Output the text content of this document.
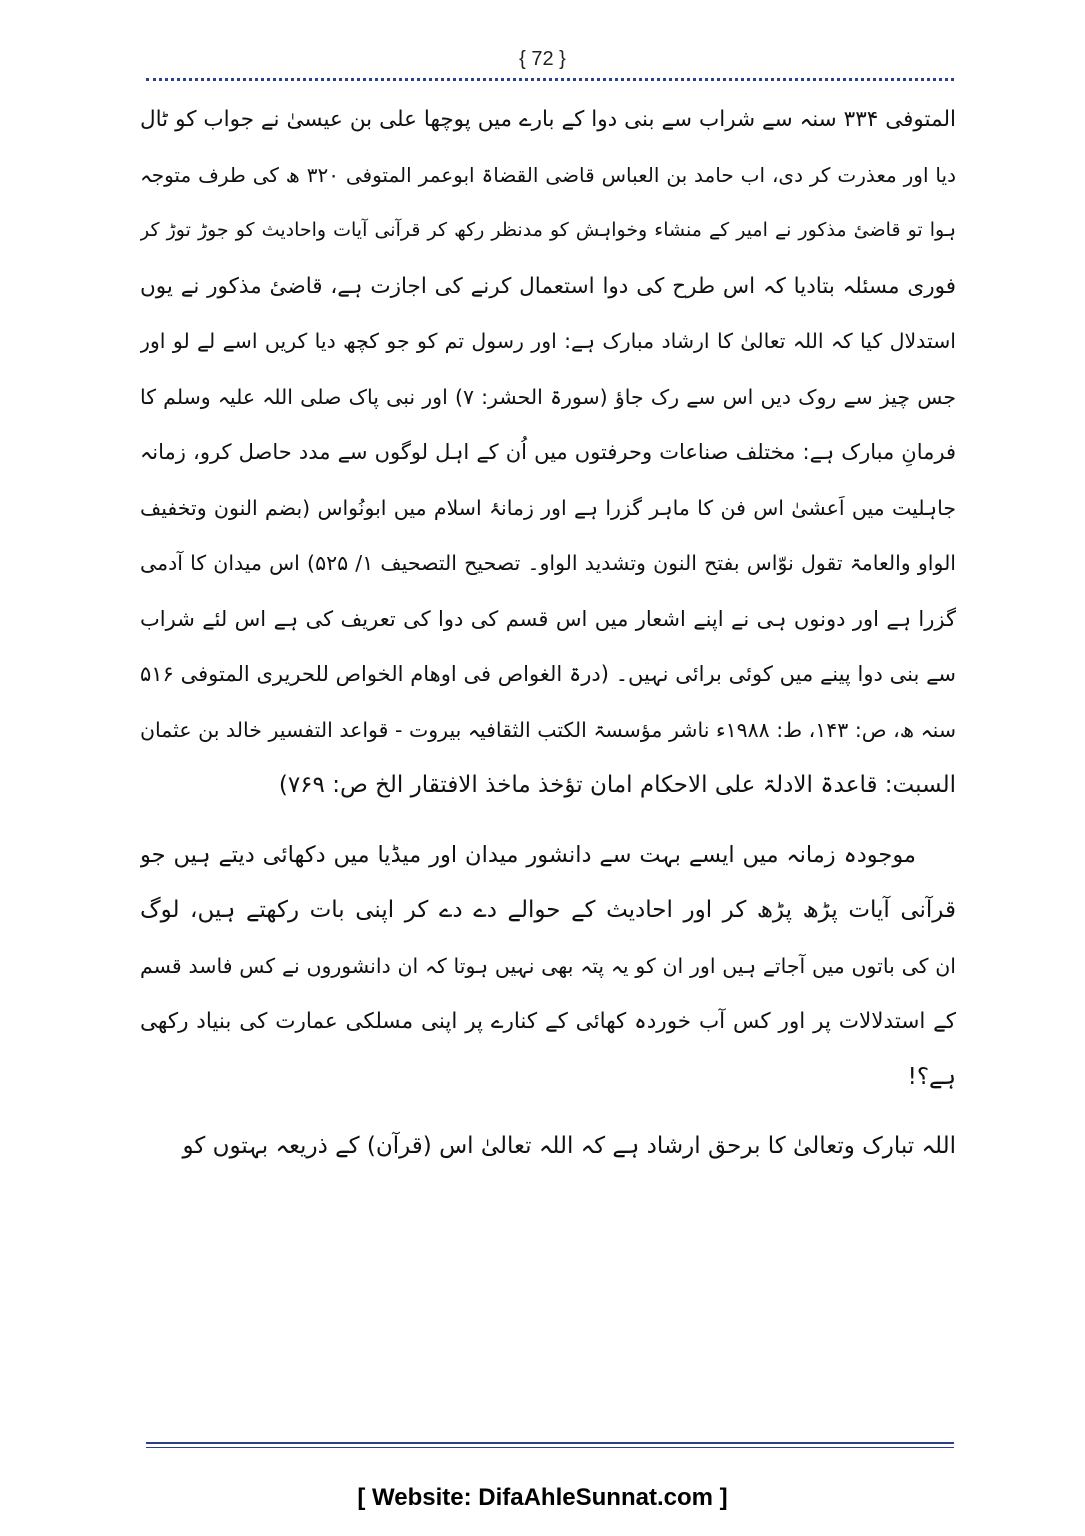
{ 72 }
المتوفی ۳۳۴ سنہ سے شراب سے بنی دوا کے بارے میں پوچھا علی بن عیسیٰ نے جواب کو ٹال
دیا اور معذرت کر دی، اب حامد بن العباس قاضی القضاۃ ابوعمر المتوفی ۳۲۰ ھ کی طرف متوجہ
ہوا تو قاضیٔ مذکور نے امیر کے منشاء وخواہش کو مدنظر رکھ کر قرآنی آیات واحادیث کو جوڑ توڑ کر
فوری مسئلہ بتادیا کہ اس طرح کی دوا استعمال کرنے کی اجازت ہے، قاضیٔ مذکور نے یوں
استدلال کیا کہ اللہ تعالیٰ کا ارشاد مبارک ہے: اور رسول تم کو جو کچھ دیا کریں اسے لے لو اور
جس چیز سے روک دیں اس سے رک جاؤ (سورۃ الحشر: ۷) اور نبی پاک صلی اللہ علیہ وسلم کا
فرمانِ مبارک ہے: مختلف صناعات وحرفتوں میں اُن کے اہل لوگوں سے مدد حاصل کرو، زمانہ
جاہلیت میں اَعشیٰ اس فن کا ماہر گزرا ہے اور زمانۂ اسلام میں ابونُواس (بضم النون وتخفیف
الواو والعامۃ تقول نوّاس بفتح النون وتشدید الواو۔ تصحیح التصحیف ۱/ ۵۲۵) اس میدان کا آدمی
گزرا ہے اور دونوں ہی نے اپنے اشعار میں اس قسم کی دوا کی تعریف کی ہے اس لئے شراب
سے بنی دوا پینے میں کوئی برائی نہیں۔ (درۃ الغواص فی اوھام الخواص للحریری المتوفی ۵۱۶
سنہ ھ، ص: ۱۴۳، ط: ۱۹۸۸ء ناشر مؤسسۃ الکتب الثقافیہ بیروت - قواعد التفسیر خالد بن عثمان
السبت: قاعدۃ الادلۃ علی الاحکام امان تؤخذ ماخذ الافتقار الخ ص: ۷۶۹)
موجودہ زمانہ میں ایسے بہت سے دانشور میدان اور میڈیا میں دکھائی دیتے ہیں جو
قرآنی آیات پڑھ پڑھ کر اور احادیث کے حوالے دے دے کر اپنی بات رکھتے ہیں، لوگ
ان کی باتوں میں آجاتے ہیں اور ان کو یہ پتہ بھی نہیں ہوتا کہ ان دانشوروں نے کس فاسد قسم
کے استدلالات پر اور کس آب خوردہ کھائی کے کنارے پر اپنی مسلکی عمارت کی بنیاد رکھی
ہے؟!
اللہ تبارک وتعالیٰ کا برحق ارشاد ہے کہ اللہ تعالیٰ اس (قرآن) کے ذریعہ بہتوں کو
[ Website: DifaAhleSunnat.com ]
